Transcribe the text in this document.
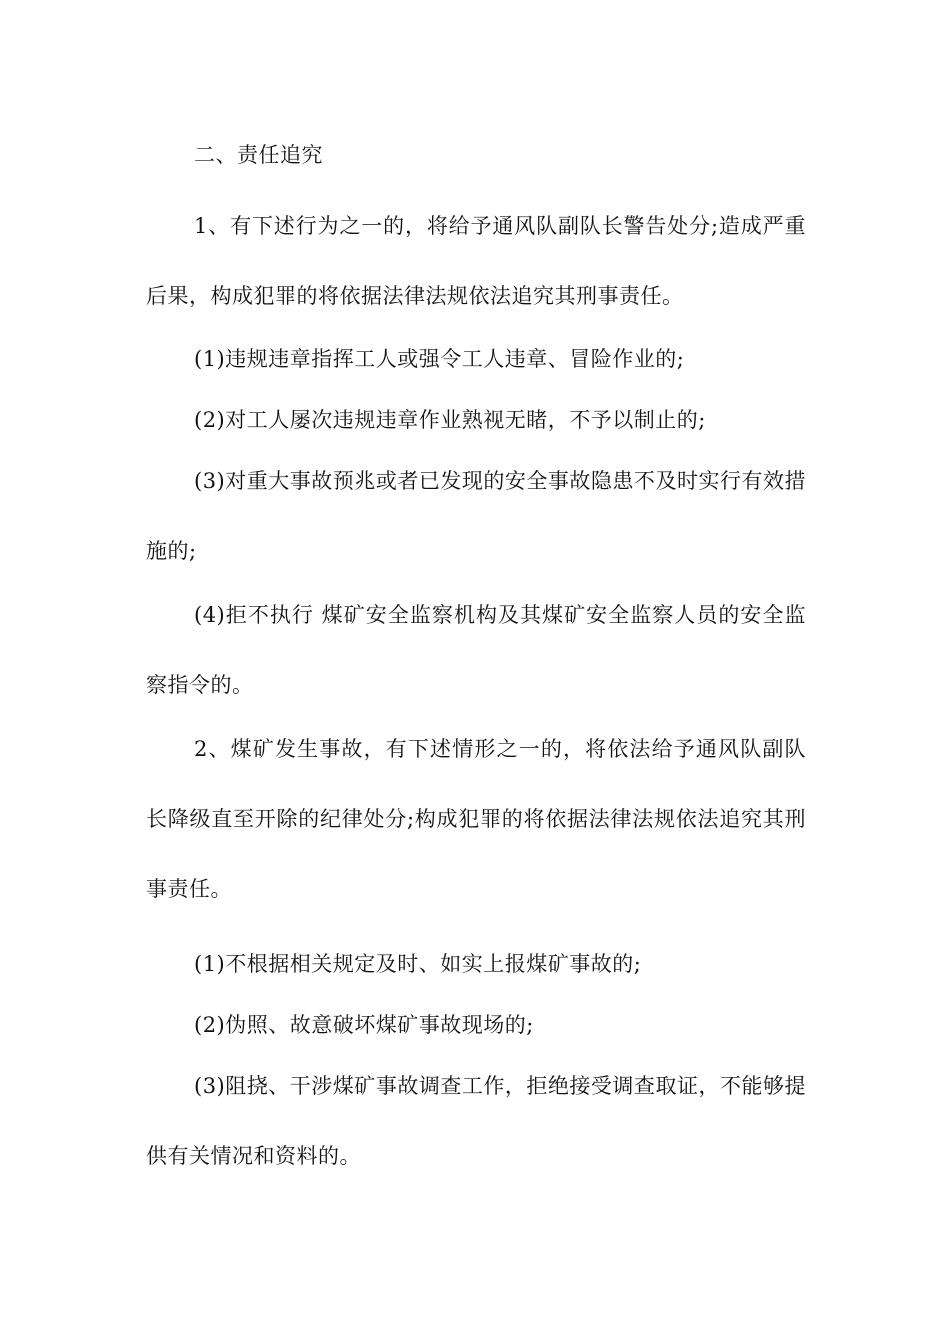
二、责任追究

1、有下述行为之一的，将给予通风队副队长警告处分;造成严重后果，构成犯罪的将依据法律法规依法追究其刑事责任。

(1)违规违章指挥工人或强令工人违章、冒险作业的;

(2)对工人屡次违规违章作业熟视无睹，不予以制止的;

(3)对重大事故预兆或者已发现的安全事故隐患不及时实行有效措施的;

(4)拒不执行 煤矿安全监察机构及其煤矿安全监察人员的安全监察指令的。

2、煤矿发生事故，有下述情形之一的，将依法给予通风队副队长降级直至开除的纪律处分;构成犯罪的将依据法律法规依法追究其刑事责任。

(1)不根据相关规定及时、如实上报煤矿事故的;

(2)伪照、故意破坏煤矿事故现场的;

(3)阻挠、干涉煤矿事故调查工作，拒绝接受调查取证，不能够提供有关情况和资料的。
